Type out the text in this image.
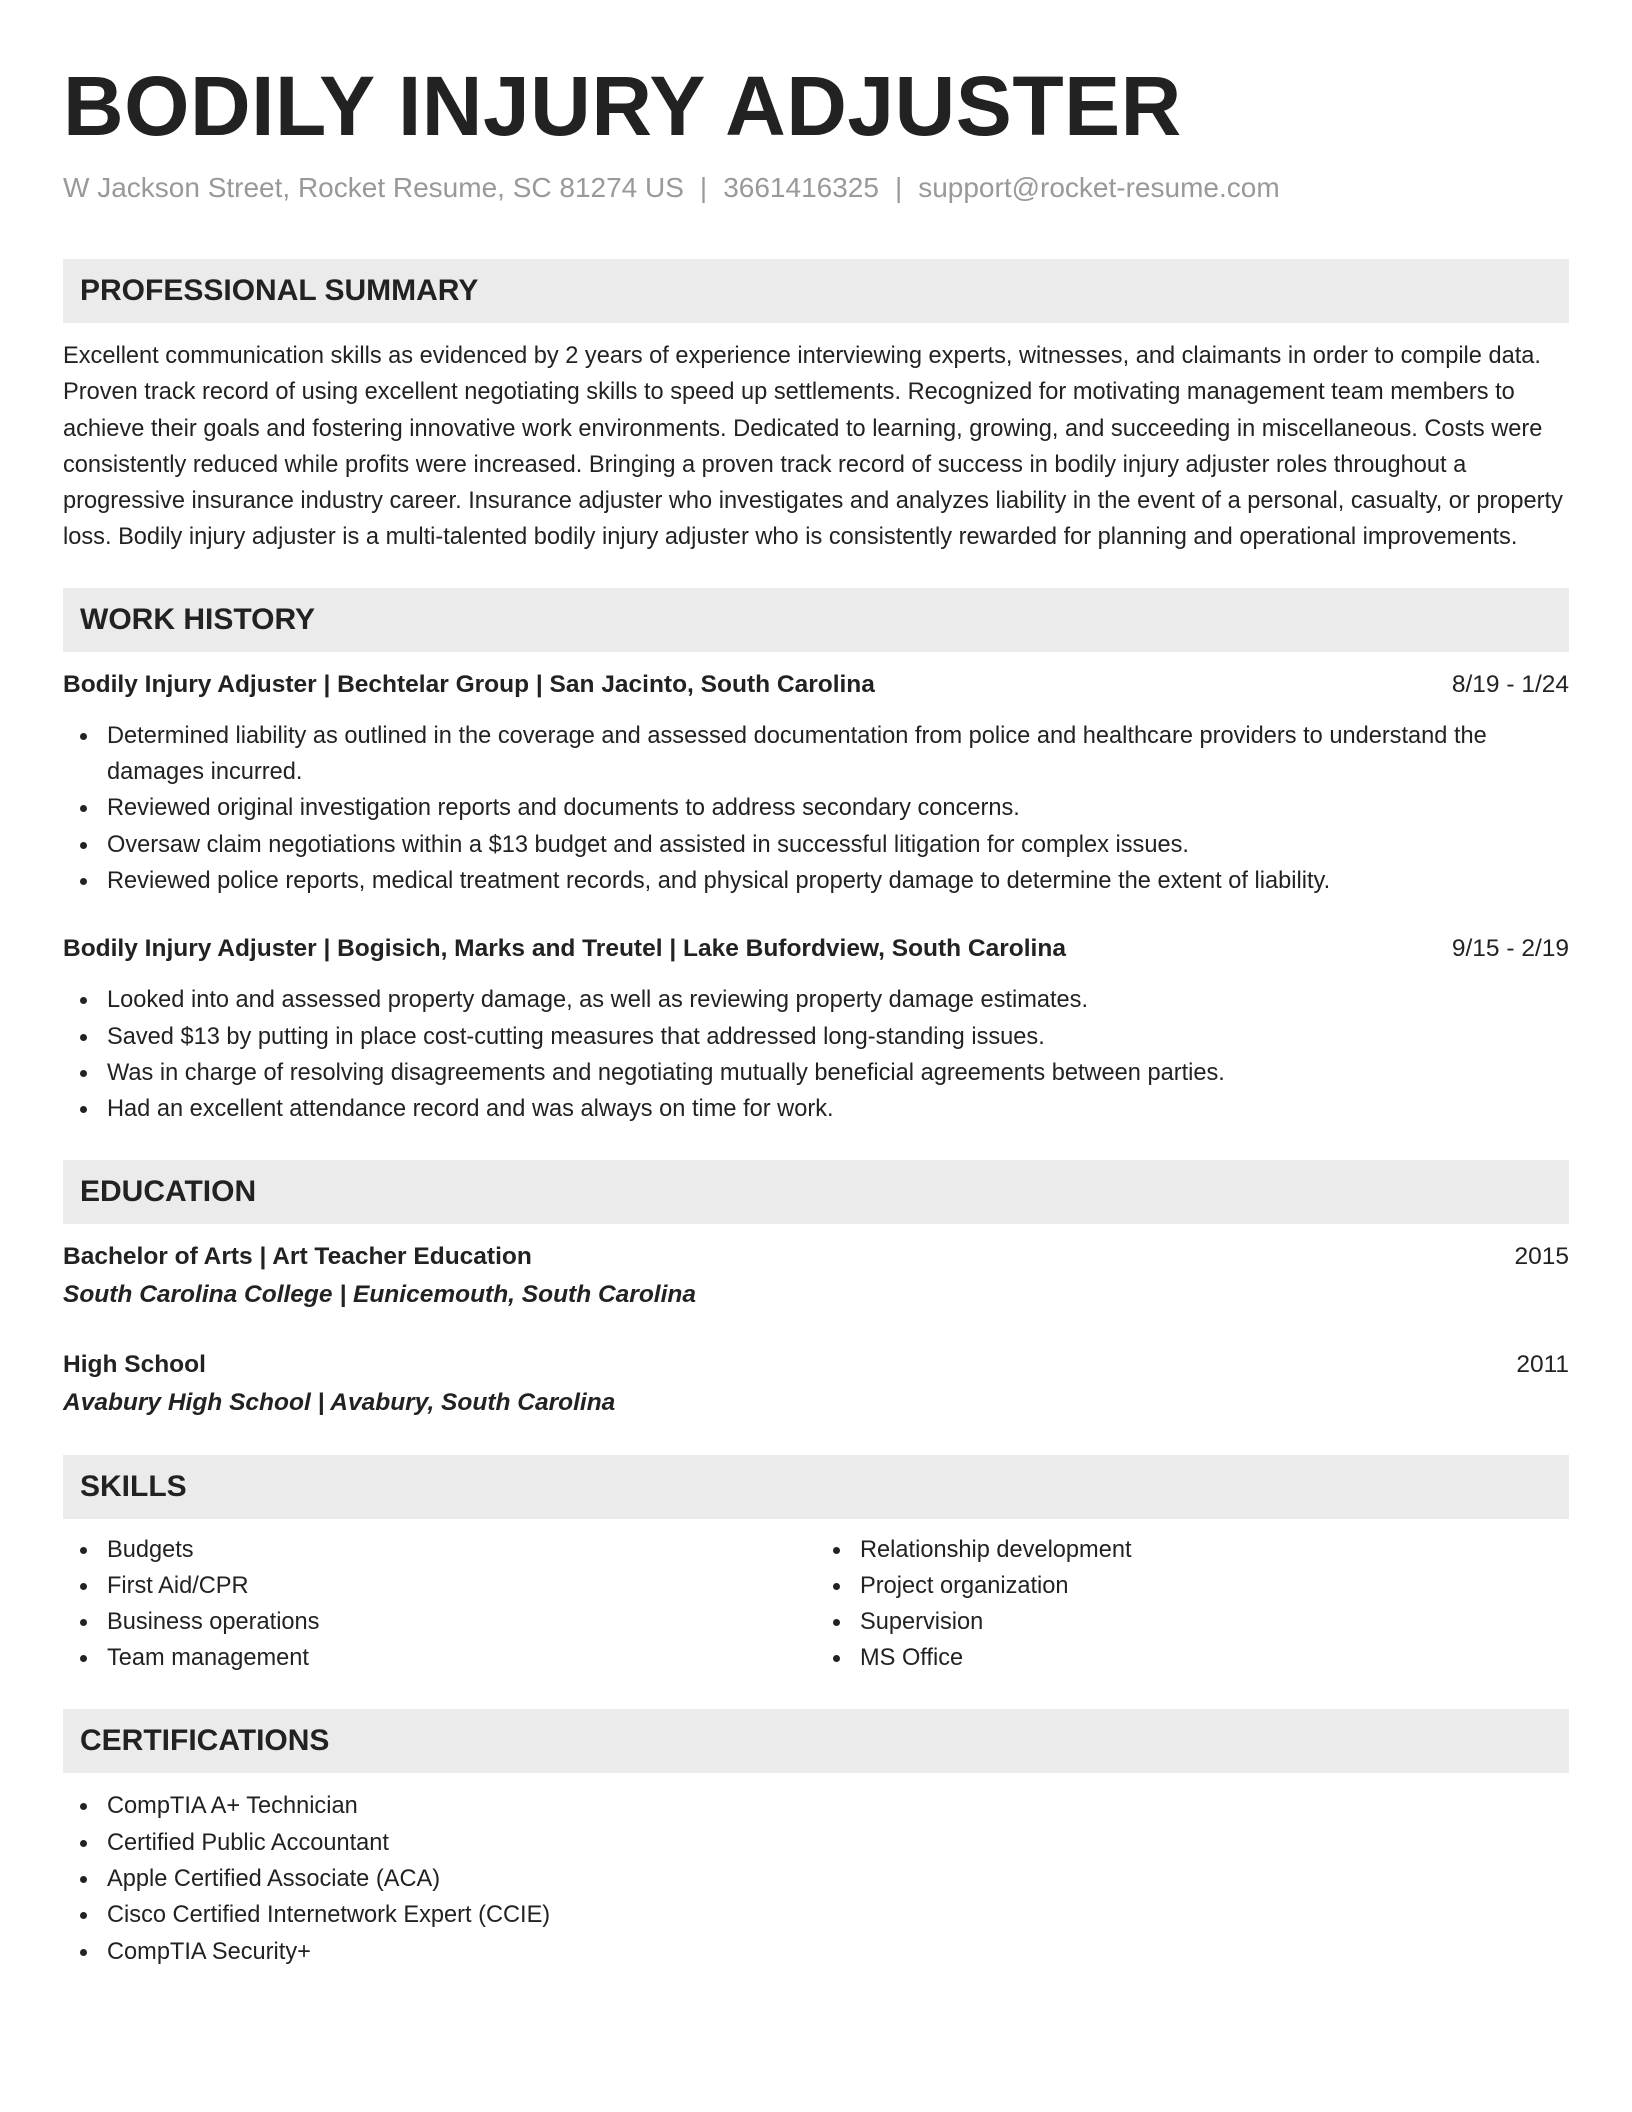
BODILY INJURY ADJUSTER
W Jackson Street, Rocket Resume, SC 81274 US | 3661416325 | support@rocket-resume.com
PROFESSIONAL SUMMARY

Excellent communication skills as evidenced by 2 years of experience interviewing experts, witnesses, and claimants in order to compile data. Proven track record of using excellent negotiating skills to speed up settlements. Recognized for motivating management team members to achieve their goals and fostering innovative work environments. Dedicated to learning, growing, and succeeding in miscellaneous. Costs were consistently reduced while profits were increased. Bringing a proven track record of success in bodily injury adjuster roles throughout a progressive insurance industry career. Insurance adjuster who investigates and analyzes liability in the event of a personal, casualty, or property loss. Bodily injury adjuster is a multi-talented bodily injury adjuster who is consistently rewarded for planning and operational improvements.

WORK HISTORY
Bodily Injury Adjuster | Bechtelar Group | San Jacinto, South Carolina	8/19 - 1/24
Determined liability as outlined in the coverage and assessed documentation from police and healthcare providers to understand the damages incurred.
Reviewed original investigation reports and documents to address secondary concerns.
Oversaw claim negotiations within a $13 budget and assisted in successful litigation for complex issues.
Reviewed police reports, medical treatment records, and physical property damage to determine the extent of liability.
Bodily Injury Adjuster | Bogisich, Marks and Treutel | Lake Bufordview, South Carolina	9/15 - 2/19
Looked into and assessed property damage, as well as reviewing property damage estimates.
Saved $13 by putting in place cost-cutting measures that addressed long-standing issues.
Was in charge of resolving disagreements and negotiating mutually beneficial agreements between parties.
Had an excellent attendance record and was always on time for work.
EDUCATION
Bachelor of Arts | Art Teacher Education	2015
South Carolina College | Eunicemouth, South Carolina
High School	2011
Avabury High School | Avabury, South Carolina
SKILLS
Budgets
First Aid/CPR
Business operations
Team management
Relationship development
Project organization
Supervision
MS Office
CERTIFICATIONS
CompTIA A+ Technician
Certified Public Accountant
Apple Certified Associate (ACA)
Cisco Certified Internetwork Expert (CCIE)
CompTIA Security+
